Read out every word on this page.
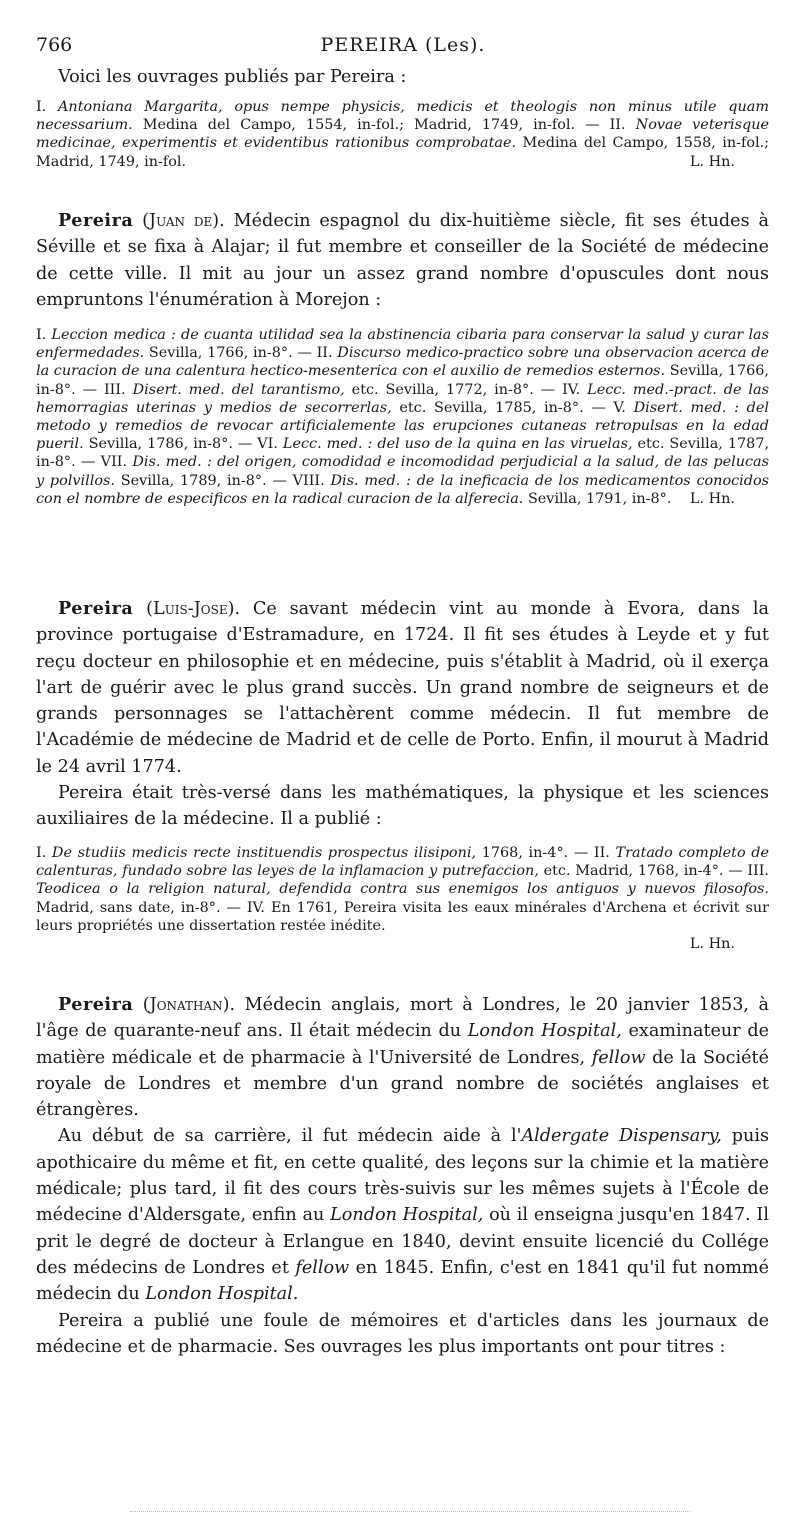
766	PEREIRA (Les).
Voici les ouvrages publiés par Pereira :
I. Antoniana Margarita, opus nempe physicis, medicis et theologis non minus utile quam necessarium. Medina del Campo, 1554, in-fol.; Madrid, 1749, in-fol. — II. Novae veterisque medicinae, experimentis et evidentibus rationibus comprobatae. Medina del Campo, 1558, in-fol.; Madrid, 1749, in-fol.	L. Hn.
Pereira (Juan de). Médecin espagnol du dix-huitième siècle, fit ses études à Séville et se fixa à Alajar; il fut membre et conseiller de la Société de médecine de cette ville. Il mit au jour un assez grand nombre d'opuscules dont nous empruntons l'énumération à Morejon :
I. Leccion medica : de cuanta utilidad sea la abstinencia cibaria para conservar la salud y curar las enfermedades. Sevilla, 1766, in-8°. — II. Discurso medico-practico sobre una observacion acerca de la curacion de una calentura hectico-mesenterica con el auxilio de remedios esternos. Sevilla, 1766, in-8°. — III. Disert. med. del tarantismo, etc. Sevilla, 1772, in-8°. — IV. Lecc. med.-pract. de las hemorragias uterinas y medios de secorrerlas, etc. Sevilla, 1785, in-8°. — V. Disert. med. : del metodo y remedios de revocar artificialemente las erupciones cutaneas retropulsas en la edad pueril. Sevilla, 1786, in-8°. — VI. Lecc. med. : del uso de la quina en las viruelas, etc. Sevilla, 1787, in-8°. — VII. Dis. med. : del origen, comodidad e incomodidad perjudicial a la salud, de las pelucas y polvillos. Sevilla, 1789, in-8°. — VIII. Dis. med. : de la ineficacia de los medicamentos conocidos con el nombre de especificos en la radical curacion de la alferecia. Sevilla, 1791, in-8°. L. Hn.
Pereira (Luis-Jose). Ce savant médecin vint au monde à Evora, dans la province portugaise d'Estramadure, en 1724. Il fit ses études à Leyde et y fut reçu docteur en philosophie et en médecine, puis s'établit à Madrid, où il exerça l'art de guérir avec le plus grand succès. Un grand nombre de seigneurs et de grands personnages se l'attachèrent comme médecin. Il fut membre de l'Académie de médecine de Madrid et de celle de Porto. Enfin, il mourut à Madrid le 24 avril 1774.
Pereira était très-versé dans les mathématiques, la physique et les sciences auxiliaires de la médecine. Il a publié :
I. De studiis medicis recte instituendis prospectus ilisiponi, 1768, in-4°. — II. Tratado completo de calenturas, fundado sobre las leyes de la inflamacion y putrefaccion, etc. Madrid, 1768, in-4°. — III. Teodicea o la religion natural, defendida contra sus enemigos los antiguos y nuevos filosofos. Madrid, sans date, in-8°. — IV. En 1761, Pereira visita les eaux minérales d'Archena et écrivit sur leurs propriétés une dissertation restée inédite.
L. Hn.
Pereira (Jonathan). Médecin anglais, mort à Londres, le 20 janvier 1853, à l'âge de quarante-neuf ans. Il était médecin du London Hospital, examinateur de matière médicale et de pharmacie à l'Université de Londres, fellow de la Société royale de Londres et membre d'un grand nombre de sociétés anglaises et étrangères.
Au début de sa carrière, il fut médecin aide à l'Aldergate Dispensary, puis apothicaire du même et fit, en cette qualité, des leçons sur la chimie et la matière médicale; plus tard, il fit des cours très-suivis sur les mêmes sujets à l'École de médecine d'Aldersgate, enfin au London Hospital, où il enseigna jusqu'en 1847. Il prit le degré de docteur à Erlangue en 1840, devint ensuite licencié du Collége des médecins de Londres et fellow en 1845. Enfin, c'est en 1841 qu'il fut nommé médecin du London Hospital.
Pereira a publié une foule de mémoires et d'articles dans les journaux de médecine et de pharmacie. Ses ouvrages les plus importants ont pour titres :
